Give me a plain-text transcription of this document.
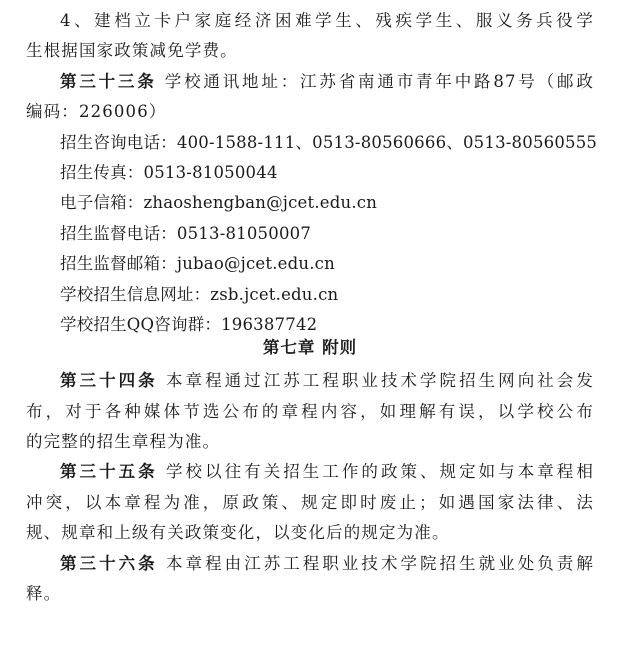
4、建档立卡户家庭经济困难学生、残疾学生、服义务兵役学
生根据国家政策减免学费。
第三十三条 学校通讯地址：江苏省南通市青年中路87号（邮政
编码：226006）
招生咨询电话：400-1588-111、0513-80560666、0513-80560555
招生传真：0513-81050044
电子信箱：zhaoshengban@jcet.edu.cn
招生监督电话：0513-81050007
招生监督邮箱：jubao@jcet.edu.cn
学校招生信息网址：zsb.jcet.edu.cn
学校招生QQ咨询群：196387742
第七章 附则
第三十四条 本章程通过江苏工程职业技术学院招生网向社会发
布，对于各种媒体节选公布的章程内容，如理解有误，以学校公布
的完整的招生章程为准。
第三十五条 学校以往有关招生工作的政策、规定如与本章程相
冲突，以本章程为准，原政策、规定即时废止；如遇国家法律、法
规、规章和上级有关政策变化，以变化后的规定为准。
第三十六条 本章程由江苏工程职业技术学院招生就业处负责解
释。
